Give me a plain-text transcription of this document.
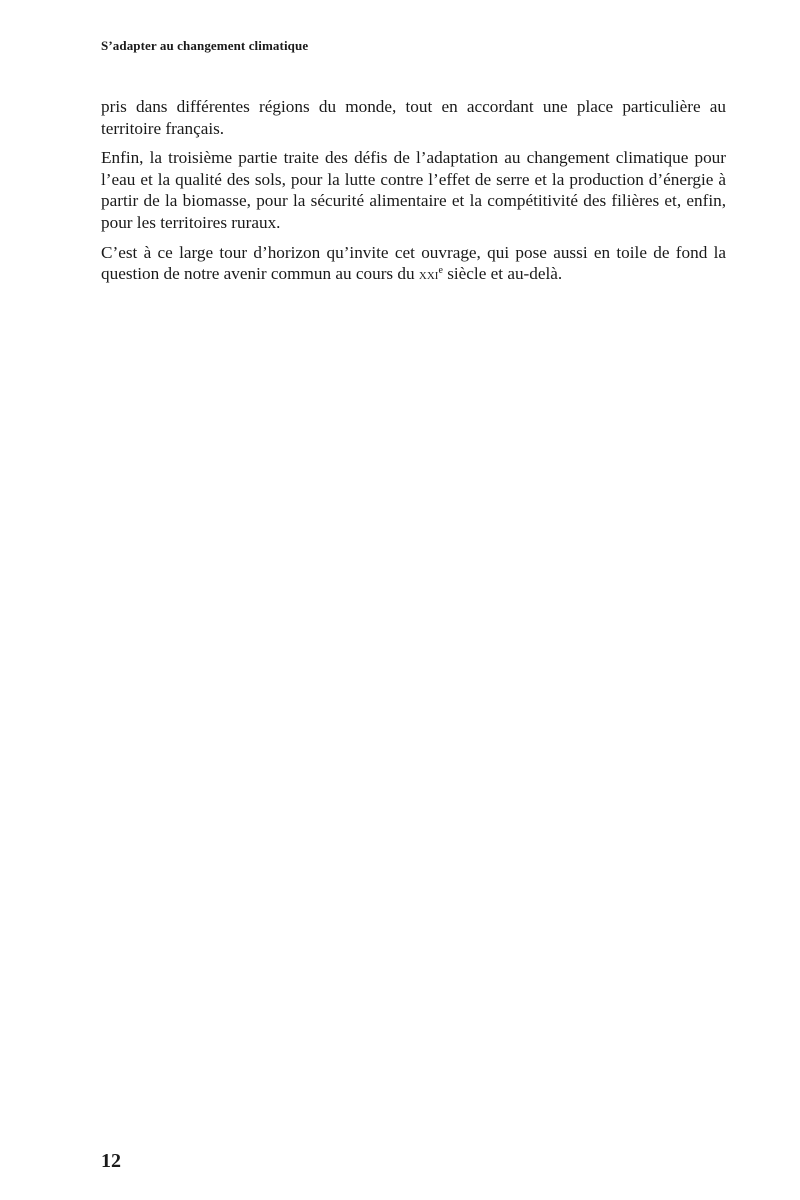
S’adapter au changement climatique

pris dans différentes régions du monde, tout en accordant une place particulière au territoire français.

Enfin, la troisième partie traite des défis de l’adaptation au changement climatique pour l’eau et la qualité des sols, pour la lutte contre l’effet de serre et la production d’énergie à partir de la biomasse, pour la sécurité alimentaire et la compétitivité des filières et, enfin, pour les territoires ruraux.

C’est à ce large tour d’horizon qu’invite cet ouvrage, qui pose aussi en toile de fond la question de notre avenir commun au cours du xxi$^e$ siècle et au-delà.

12
